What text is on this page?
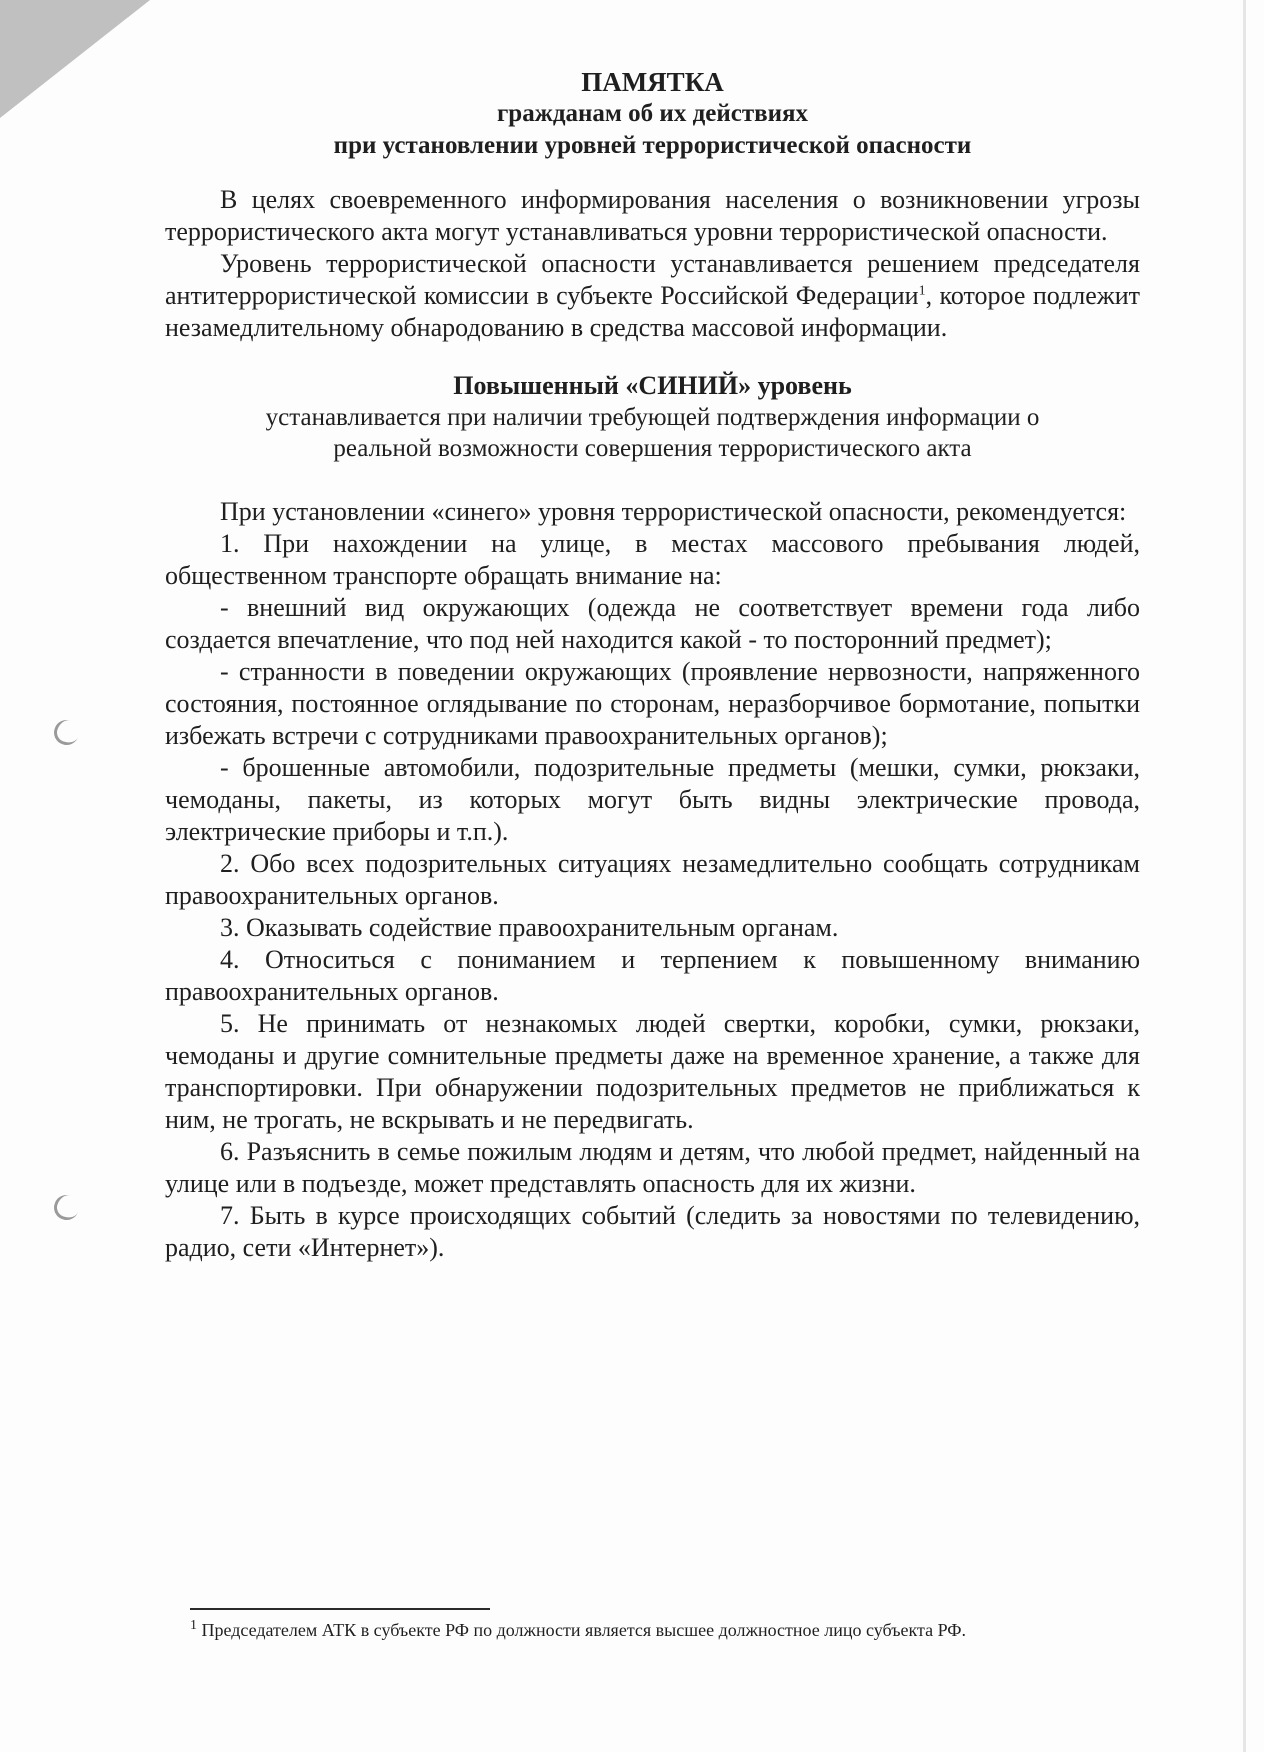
ПАМЯТКА
гражданам об их действиях
при установлении уровней террористической опасности

В целях своевременного информирования населения о возникновении угрозы террористического акта могут устанавливаться уровни террористической опасности.

Уровень террористической опасности устанавливается решением председателя антитеррористической комиссии в субъекте Российской Федерации$^1$, которое подлежит незамедлительному обнародованию в средства массовой информации.

Повышенный «СИНИЙ» уровень
устанавливается при наличии требующей подтверждения информации о реальной возможности совершения террористического акта

При установлении «синего» уровня террористической опасности, рекомендуется:

1. При нахождении на улице, в местах массового пребывания людей, общественном транспорте обращать внимание на:

- внешний вид окружающих (одежда не соответствует времени года либо создается впечатление, что под ней находится какой - то посторонний предмет);

- странности в поведении окружающих (проявление нервозности, напряженного состояния, постоянное оглядывание по сторонам, неразборчивое бормотание, попытки избежать встречи с сотрудниками правоохранительных органов);

- брошенные автомобили, подозрительные предметы (мешки, сумки, рюкзаки, чемоданы, пакеты, из которых могут быть видны электрические провода, электрические приборы и т.п.).

2. Обо всех подозрительных ситуациях незамедлительно сообщать сотрудникам правоохранительных органов.

3. Оказывать содействие правоохранительным органам.

4. Относиться с пониманием и терпением к повышенному вниманию правоохранительных органов.

5. Не принимать от незнакомых людей свертки, коробки, сумки, рюкзаки, чемоданы и другие сомнительные предметы даже на временное хранение, а также для транспортировки. При обнаружении подозрительных предметов не приближаться к ним, не трогать, не вскрывать и не передвигать.

6. Разъяснить в семье пожилым людям и детям, что любой предмет, найденный на улице или в подъезде, может представлять опасность для их жизни.

7. Быть в курсе происходящих событий (следить за новостями по телевидению, радио, сети «Интернет»).

$^1$ Председателем АТК в субъекте РФ по должности является высшее должностное лицо субъекта РФ.
